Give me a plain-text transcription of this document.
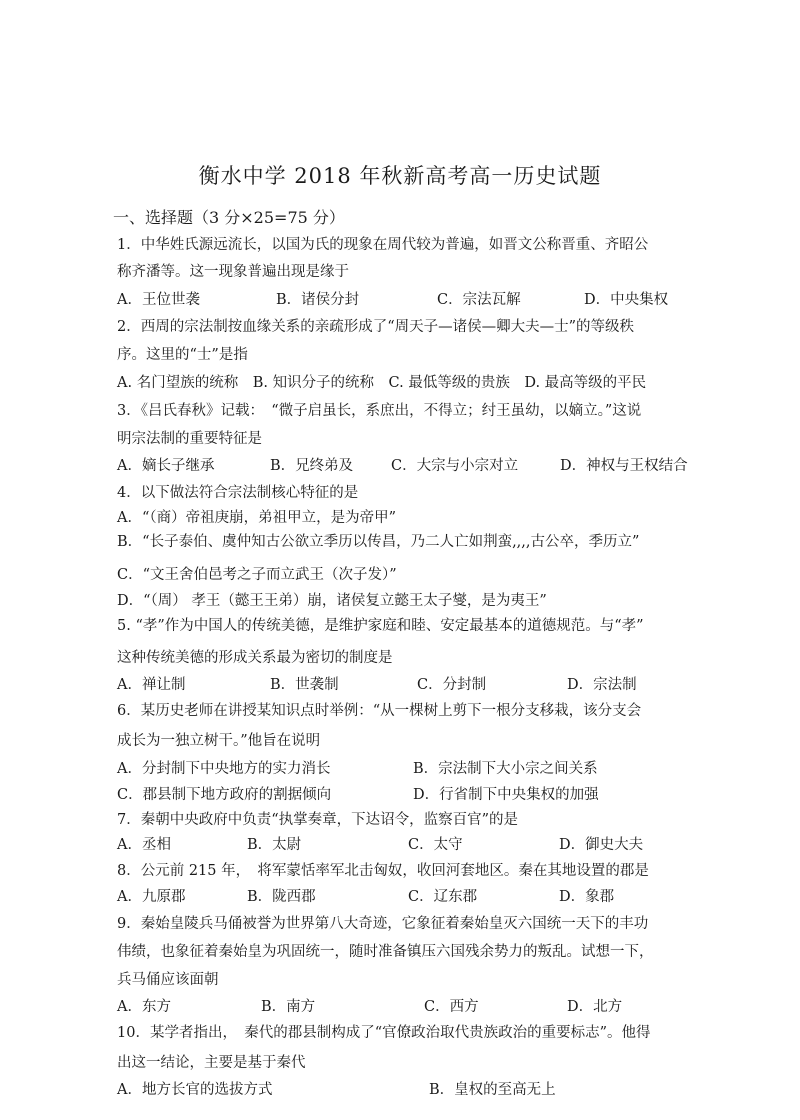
衡水中学 2018 年秋新高考高一历史试题
一、选择题（3 分×25=75 分）
1．中华姓氏源远流长，以国为氏的现象在周代较为普遍，如晋文公称晋重、齐昭公
称齐潘等。这一现象普遍出现是缘于
A．王位世袭	B．诸侯分封	C．宗法瓦解	D．中央集权
2．西周的宗法制按血缘关系的亲疏形成了“周天子—诸侯—卿大夫—士”的等级秩
序。这里的“士”是指
A. 名门望族的统称　B. 知识分子的统称　C. 最低等级的贵族　D. 最高等级的平民
3．《吕氏春秋》记载：　“微子启虽长，系庶出，不得立；纣王虽幼，以嫡立。”这说
明宗法制的重要特征是
A．嫡长子继承	B．兄终弟及	C．大宗与小宗对立	D．神权与王权结合
4．以下做法符合宗法制核心特征的是
A．“（商）帝祖庚崩，弟祖甲立，是为帝甲”
B．“长子泰伯、虞仲知古公欲立季历以传昌，乃二人亡如荆蛮,,,,古公卒，季历立”
C．“文王舍伯邑考之子而立武王（次子发）”
D．“（周） 孝王（懿王王弟）崩，诸侯复立懿王太子燮，是为夷王”
5. “孝”作为中国人的传统美德，是维护家庭和睦、安定最基本的道德规范。与“孝”
这种传统美德的形成关系最为密切的制度是
A．禅让制	B．世袭制	C．分封制	D．宗法制
6．某历史老师在讲授某知识点时举例：“从一棵树上剪下一根分支移栽，该分支会
成长为一独立树干。”他旨在说明
A．分封制下中央地方的实力消长	B．宗法制下大小宗之间关系
C．郡县制下地方政府的割据倾向	D．行省制下中央集权的加强
7．秦朝中央政府中负责“执掌奏章，下达诏令，监察百官”的是
A．丞相	B．太尉	C．太守	D．御史大夫
8．公元前 215 年，　将军蒙恬率军北击匈奴，收回河套地区。秦在其地设置的郡是
A．九原郡	B．陇西郡	C．辽东郡	D．象郡
9．秦始皇陵兵马俑被誉为世界第八大奇迹，它象征着秦始皇灭六国统一天下的丰功
伟绩，也象征着秦始皇为巩固统一，随时准备镇压六国残余势力的叛乱。试想一下，
兵马俑应该面朝
A．东方	B．南方	C．西方	D．北方
10．某学者指出，　秦代的郡县制构成了“官僚政治取代贵族政治的重要标志”。他得
出这一结论，主要是基于秦代
A．地方长官的选拔方式	B．皇权的至高无上
